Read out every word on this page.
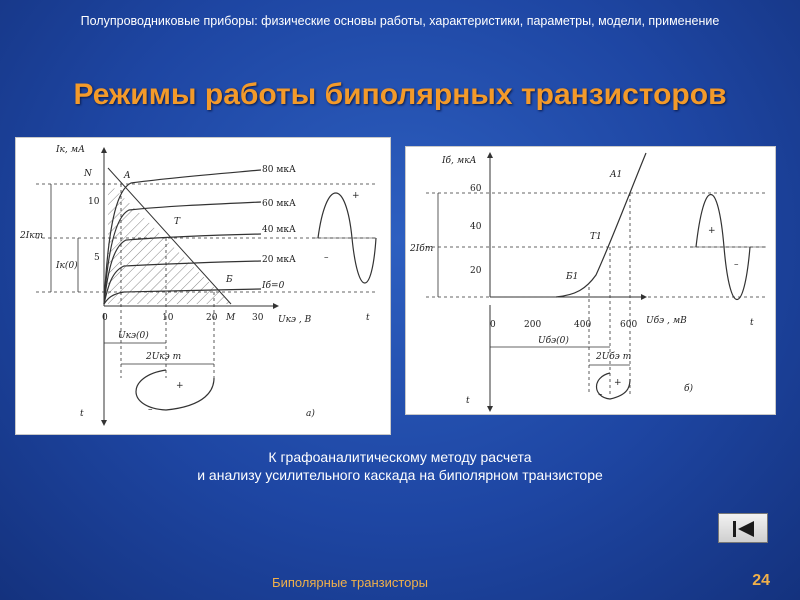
Полупроводниковые приборы: физические основы работы, характеристики, параметры, модели, применение
Режимы работы биполярных транзисторов
Iк, мА
Uкэ , В
5
10
0	10	20	30
N	A
T
Б
M
80 мкА
60 мкА
40 мкА
20 мкА
Iб=0
2Iкm
Iк(0)
Uкэ(0)
2Uкэ m
t
t
+
–
+
–	а)
Iб, мкА
Uбэ , мВ
20
40
60
0	200	400	600
A1
T1
Б1
2Iбm
Uбэ(0)
2Uбэ m
t
t
+
–
+
–
б)
К графоаналитическому методу расчета
и анализу усилительного каскада на биполярном транзисторе
Биполярные транзисторы	24
